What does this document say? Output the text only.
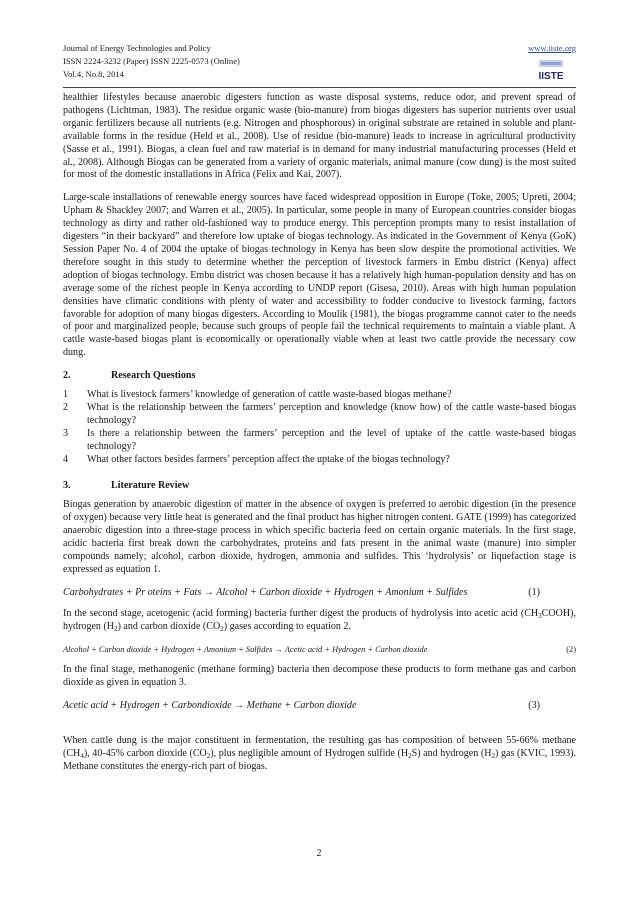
Journal of Energy Technologies and Policy
ISSN 2224-3232 (Paper) ISSN 2225-0573 (Online)
Vol.4, No.8, 2014
www.iiste.org
IISTE

healthier lifestyles because anaerobic digesters function as waste disposal systems, reduce odor, and prevent spread of pathogens (Lichtman, 1983). The residue organic waste (bio-manure) from biogas digesters has superior nutrients over usual organic fertilizers because all nutrients (e.g. Nitrogen and phosphorous) in original substrate are retained in soluble and plant-available forms in the residue (Held et al., 2008). Use of residue (bio-manure) leads to increase in agricultural productivity (Sasse et al., 1991). Biogas, a clean fuel and raw material is in demand for many industrial manufacturing processes (Held et al., 2008). Although Biogas can be generated from a variety of organic materials, animal manure (cow dung) is the most suited for most of the domestic installations in Africa (Felix and Kai, 2007).

Large-scale installations of renewable energy sources have faced widespread opposition in Europe (Toke, 2005; Upreti, 2004; Upham & Shackley 2007; and Warren et al., 2005). In particular, some people in many of European countries consider biogas technology as dirty and rather old-fashioned way to produce energy. This perception prompts many to resist installation of digesters “in their backyard” and therefore low uptake of biogas technology. As indicated in the Government of Kenya (GoK) Session Paper No. 4 of 2004 the uptake of biogas technology in Kenya has been slow despite the promotional activities. We therefore sought in this study to determine whether the perception of livestock farmers in Embu district (Kenya) affect adoption of biogas technology. Embu district was chosen because it has a relatively high human-population density and has on average some of the richest people in Kenya according to UNDP report (Gisesa, 2010). Areas with high human population densities have climatic conditions with plenty of water and accessibility to fodder conducive to livestock farming, factors favorable for adoption of many biogas digesters. According to Moulik (1981), the biogas programme cannot cater to the needs of poor and marginalized people, because such groups of people fail the technical requirements to maintain a viable plant. A cattle waste-based biogas plant is economically or operationally viable when at least two cattle provide the necessary cow dung.

2.	Research Questions
1	What is livestock farmers’ knowledge of generation of cattle waste-based biogas methane?
2	What is the relationship between the farmers’ perception and knowledge (know how) of the cattle waste-based biogas technology?
3	Is there a relationship between the farmers’ perception and the level of uptake of the cattle waste-based biogas technology?
4	What other factors besides farmers’ perception affect the uptake of the biogas technology?
3.	Literature Review

Biogas generation by anaerobic digestion of matter in the absence of oxygen is preferred to aerobic digestion (in the presence of oxygen) because very little heat is generated and the final product has higher nitrogen content. GATE (1999) has categorized anaerobic digestion into a three-stage process in which specific bacteria feed on certain organic materials. In the first stage, acidic bacteria first break down the carbohydrates, proteins and fats present in the animal waste (manure) into simpler compounds namely; alcohol, carbon dioxide, hydrogen, ammonia and sulfides. This ‘hydrolysis’ or liquefaction stage is expressed as equation 1.

Carbohydrates + Pr oteins + Fats → Alcohol + Carbon dioxide + Hydrogen + Amonium + Sulfides	(1)

In the second stage, acetogenic (acid forming) bacteria further digest the products of hydrolysis into acetic acid $(CH_3COOH)$, hydrogen $(H_2)$ and carbon dioxide $(CO_2)$ gases according to equation 2.

Alcohol + Carbon dioxide + Hydrogen + Amonium + Sulfides → Acetic acid + Hydrogen + Carbon dioxide	(2)

In the final stage, methanogenic (methane forming) bacteria then decompose these products to form methane gas and carbon dioxide as given in equation 3.

Acetic acid + Hydrogen + Carbondioxide → Methane + Carbon dioxide	(3)

When cattle dung is the major constituent in fermentation, the resulting gas has composition of between 55-66% methane $(CH_4)$, 40-45% carbon dioxide $(CO_2)$, plus negligible amount of Hydrogen sulfide $(H_2S)$ and hydrogen $(H_2)$ gas (KVIC, 1993). Methane constitutes the energy-rich part of biogas.

2
